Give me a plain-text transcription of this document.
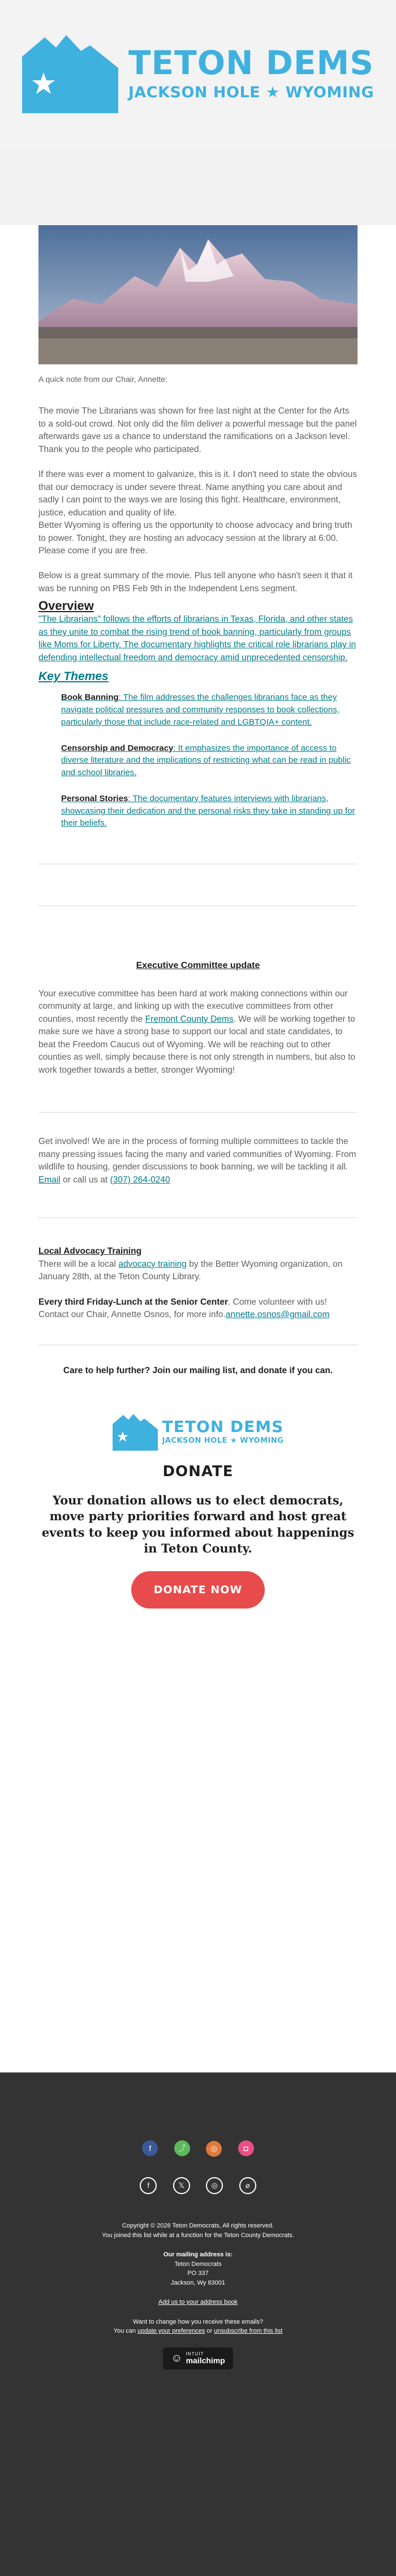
TETON DEMS
JACKSON HOLE ★ WYOMING

A quick note from our Chair, Annette:

The movie The Librarians was shown for free last night at the Center for the Arts to a sold-out crowd. Not only did the film deliver a powerful message but the panel afterwards gave us a chance to understand the ramifications on a Jackson level. Thank you to the people who participated.

If there was ever a moment to galvanize, this is it. I don't need to state the obvious that our democracy is under severe threat. Name anything you care about and sadly I can point to the ways we are losing this fight. Healthcare, environment, justice, education and quality of life.

Better Wyoming is offering us the opportunity to choose advocacy and bring truth to power. Tonight, they are hosting an advocacy session at the library at 6:00.

Please come if you are free.

Below is a great summary of the movie. Plus tell anyone who hasn't seen it that it was be running on PBS Feb 9th in the Independent Lens segment.

Overview

"The Librarians" follows the efforts of librarians in Texas, Florida, and other states as they unite to combat the rising trend of book banning, particularly from groups like Moms for Liberty. The documentary highlights the critical role librarians play in defending intellectual freedom and democracy amid unprecedented censorship.

Key Themes
Book Banning: The film addresses the challenges librarians face as they navigate political pressures and community responses to book collections, particularly those that include race-related and LGBTQIA+ content.
Censorship and Democracy: It emphasizes the importance of access to diverse literature and the implications of restricting what can be read in public and school libraries.
Personal Stories: The documentary features interviews with librarians, showcasing their dedication and the personal risks they take in standing up for their beliefs.
Executive Committee update

Your executive committee has been hard at work making connections within our community at large, and linking up with the executive committees from other counties, most recently the Fremont County Dems. We will be working together to make sure we have a strong base to support our local and state candidates, to beat the Freedom Caucus out of Wyoming. We will be reaching out to other counties as well, simply because there is not only strength in numbers, but also to work together towards a better, stronger Wyoming!

Get involved! We are in the process of forming multiple committees to tackle the many pressing issues facing the many and varied communities of Wyoming. From wildlife to housing, gender discussions to book banning, we will be tackling it all. Email or call us at (307) 264-0240

Local Advocacy Training

There will be a local advocacy training by the Better Wyoming organization, on January 28th, at the Teton County Library.

Every third Friday-Lunch at the Senior Center. Come volunteer with us! Contact our Chair, Annette Osnos, for more info.annette.osnos@gmail.com

Care to help further? Join our mailing list, and donate if you can.

TETON DEMS
JACKSON HOLE ★ WYOMING
DONATE

Your donation allows us to elect democrats, move party priorities forward and host great events to keep you informed about happenings in Teton County.

DONATE NOW
f	⤴	◎	◘
f	𝕏	◎	⌀

Copyright © 2026 Teton Democrats, All rights reserved.

You joined this list while at a function for the Teton County Democrats.

Our mailing address is:

Teton Democrats

PO 337

Jackson, Wy 83001

Add us to your address book

Want to change how you receive these emails?

You can update your preferences or unsubscribe from this list

☺ INTUIT
mailchimp
